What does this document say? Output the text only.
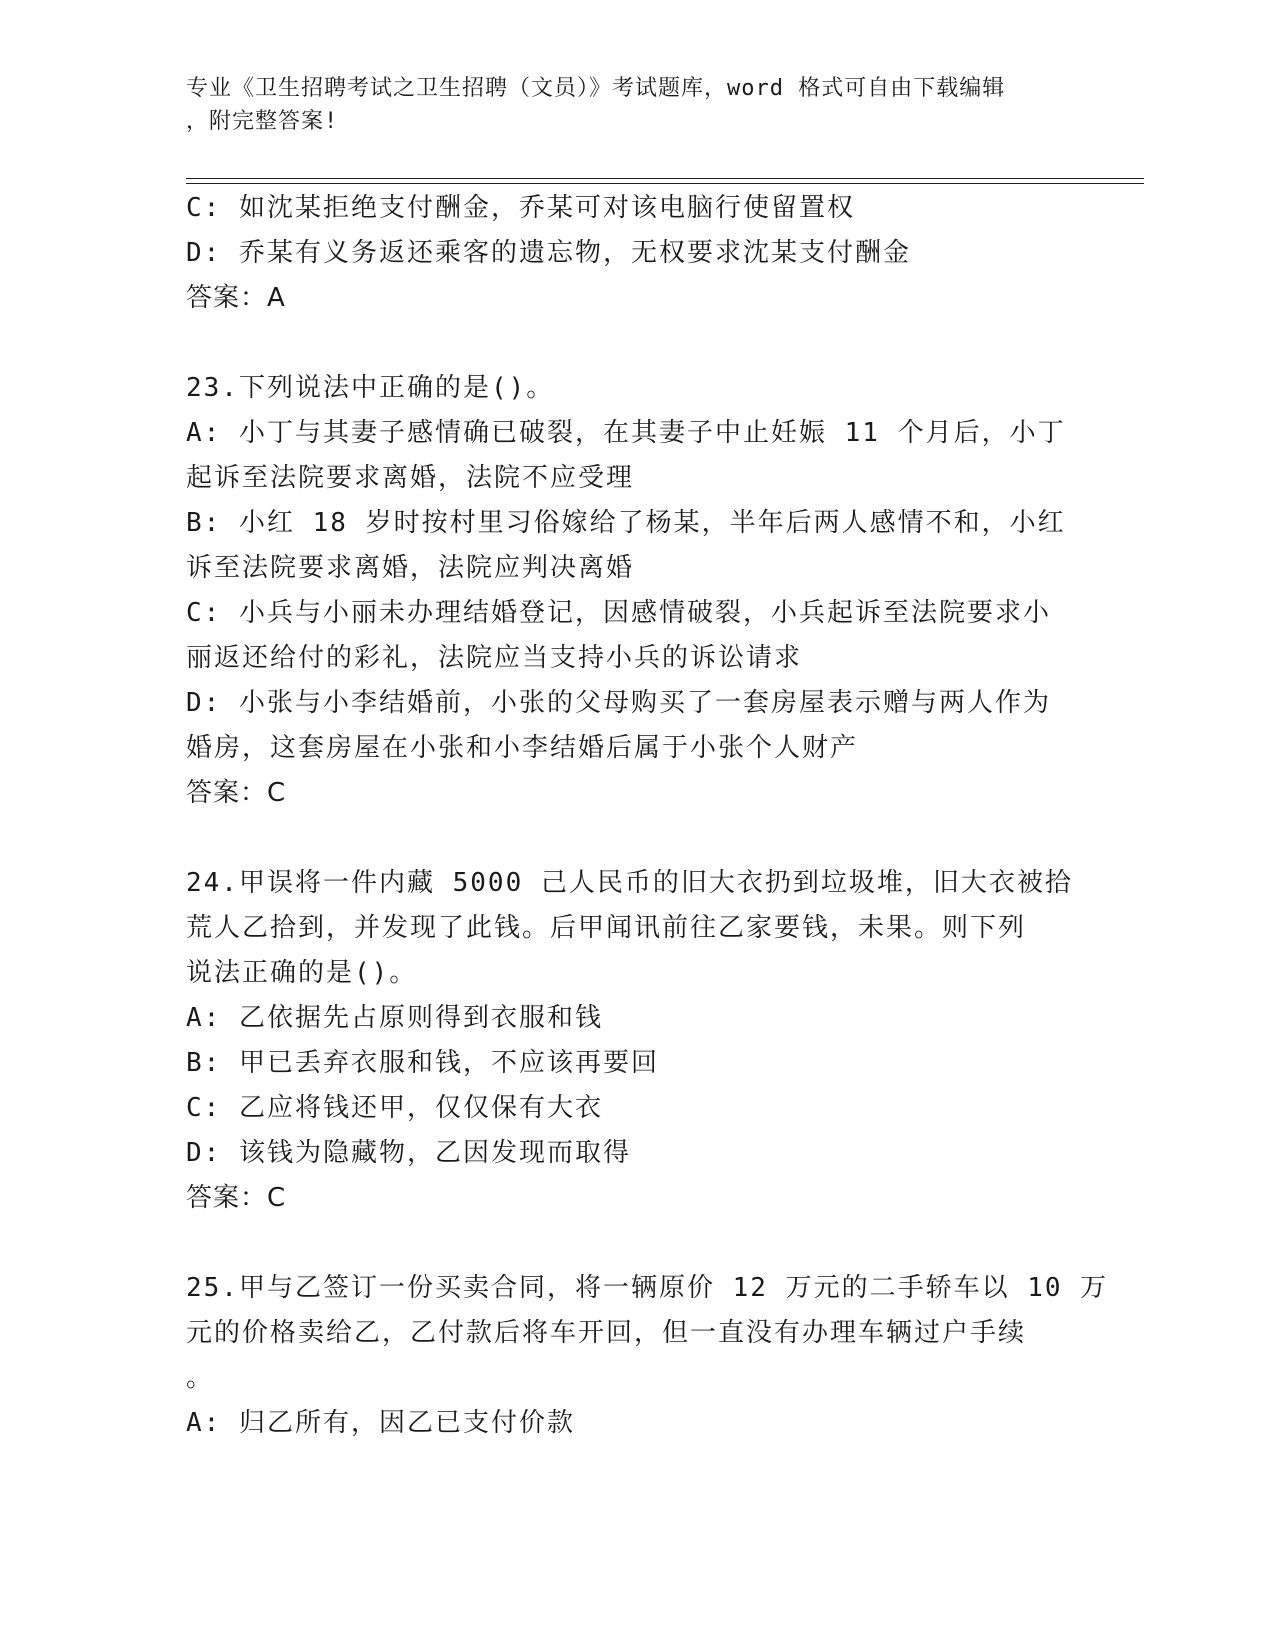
专业《卫生招聘考试之卫生招聘（文员）》考试题库，word 格式可自由下载编辑
，附完整答案!
C: 如沈某拒绝支付酬金，乔某可对该电脑行使留置权
D: 乔某有义务返还乘客的遗忘物，无权要求沈某支付酬金
答案：A
23.下列说法中正确的是()。
A: 小丁与其妻子感情确已破裂，在其妻子中止妊娠 11 个月后，小丁
起诉至法院要求离婚，法院不应受理
B: 小红 18 岁时按村里习俗嫁给了杨某，半年后两人感情不和，小红
诉至法院要求离婚，法院应判决离婚
C: 小兵与小丽未办理结婚登记，因感情破裂，小兵起诉至法院要求小
丽返还给付的彩礼，法院应当支持小兵的诉讼请求
D: 小张与小李结婚前，小张的父母购买了一套房屋表示赠与两人作为
婚房，这套房屋在小张和小李结婚后属于小张个人财产
答案：C
24.甲误将一件内藏 5000 己人民币的旧大衣扔到垃圾堆，旧大衣被拾
荒人乙拾到，并发现了此钱。后甲闻讯前往乙家要钱，未果。则下列
说法正确的是()。
A: 乙依据先占原则得到衣服和钱
B: 甲已丢弃衣服和钱，不应该再要回
C: 乙应将钱还甲，仅仅保有大衣
D: 该钱为隐藏物，乙因发现而取得
答案：C
25.甲与乙签订一份买卖合同，将一辆原价 12 万元的二手轿车以 10 万
元的价格卖给乙，乙付款后将车开回，但一直没有办理车辆过户手续
。
A: 归乙所有，因乙已支付价款
